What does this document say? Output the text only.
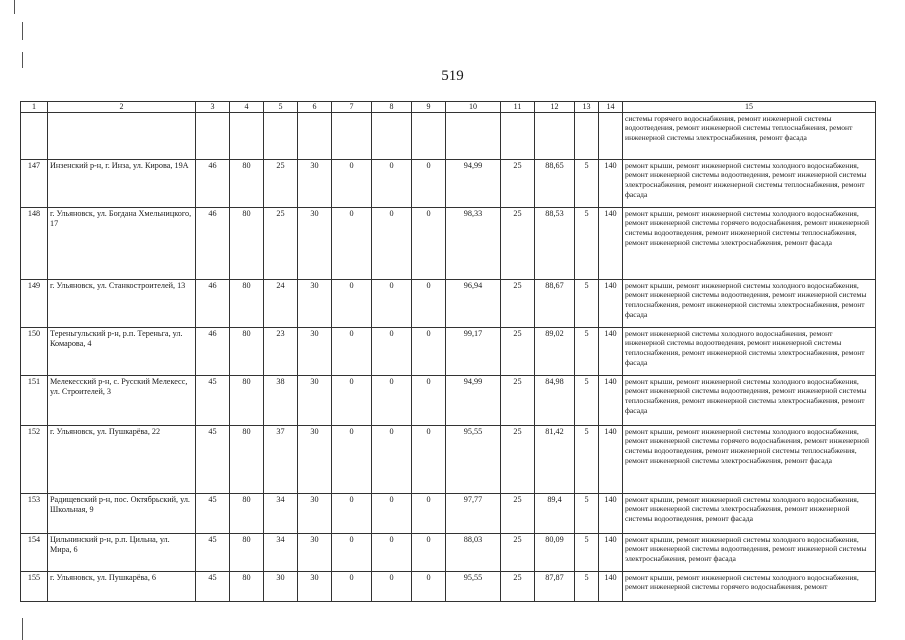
519
1	2	3	4	5	6	7	8	9	10	11	12	13	14	15
														системы горячего водоснабжения, ремонт инженерной системы водоотведения, ремонт инженерной системы теплоснабжения, ремонт инженерной системы электроснабжения, ремонт фасада
147	Инзенский р-н, г. Инза, ул. Кирова, 19А	46	80	25	30	0	0	0	94,99	25	88,65	5	140	ремонт крыши, ремонт инженерной системы холодного водоснабжения, ремонт инженерной системы водоотведения, ремонт инженерной системы электроснабжения, ремонт инженерной системы теплоснабжения, ремонт фасада
148	г. Ульяновск, ул. Богдана Хмельницкого, 17	46	80	25	30	0	0	0	98,33	25	88,53	5	140	ремонт крыши, ремонт инженерной системы холодного водоснабжения, ремонт инженерной системы горячего водоснабжения, ремонт инженерной системы водоотведения, ремонт инженерной системы теплоснабжения, ремонт инженерной системы электроснабжения, ремонт фасада
149	г. Ульяновск, ул. Станкостроителей, 13	46	80	24	30	0	0	0	96,94	25	88,67	5	140	ремонт крыши, ремонт инженерной системы холодного водоснабжения, ремонт инженерной системы водоотведения, ремонт инженерной системы теплоснабжения, ремонт инженерной системы электроснабжения, ремонт фасада
150	Тереньгульский р-н, р.п. Тереньга, ул. Комарова, 4	46	80	23	30	0	0	0	99,17	25	89,02	5	140	ремонт инженерной системы холодного водоснабжения, ремонт инженерной системы водоотведения, ремонт инженерной системы теплоснабжения, ремонт инженерной системы электроснабжения, ремонт фасада
151	Мелекесский р-н, с. Русский Мелекесс, ул. Строителей, 3	45	80	38	30	0	0	0	94,99	25	84,98	5	140	ремонт крыши, ремонт инженерной системы холодного водоснабжения, ремонт инженерной системы водоотведения, ремонт инженерной системы теплоснабжения, ремонт инженерной системы электроснабжения, ремонт фасада
152	г. Ульяновск, ул. Пушкарёва, 22	45	80	37	30	0	0	0	95,55	25	81,42	5	140	ремонт крыши, ремонт инженерной системы холодного водоснабжения, ремонт инженерной системы горячего водоснабжения, ремонт инженерной системы водоотведения, ремонт инженерной системы теплоснабжения, ремонт инженерной системы электроснабжения, ремонт фасада
153	Радищевский р-н, пос. Октябрьский, ул. Школьная, 9	45	80	34	30	0	0	0	97,77	25	89,4	5	140	ремонт крыши, ремонт инженерной системы холодного водоснабжения, ремонт инженерной системы электроснабжения, ремонт инженерной системы водоотведения, ремонт фасада
154	Цильнинский р-н, р.п. Цильна, ул. Мира, 6	45	80	34	30	0	0	0	88,03	25	80,09	5	140	ремонт крыши, ремонт инженерной системы холодного водоснабжения, ремонт инженерной системы водоотведения, ремонт инженерной системы электроснабжения, ремонт фасада
155	г. Ульяновск, ул. Пушкарёва, 6	45	80	30	30	0	0	0	95,55	25	87,87	5	140	ремонт крыши, ремонт инженерной системы холодного водоснабжения, ремонт инженерной системы горячего водоснабжения, ремонт
